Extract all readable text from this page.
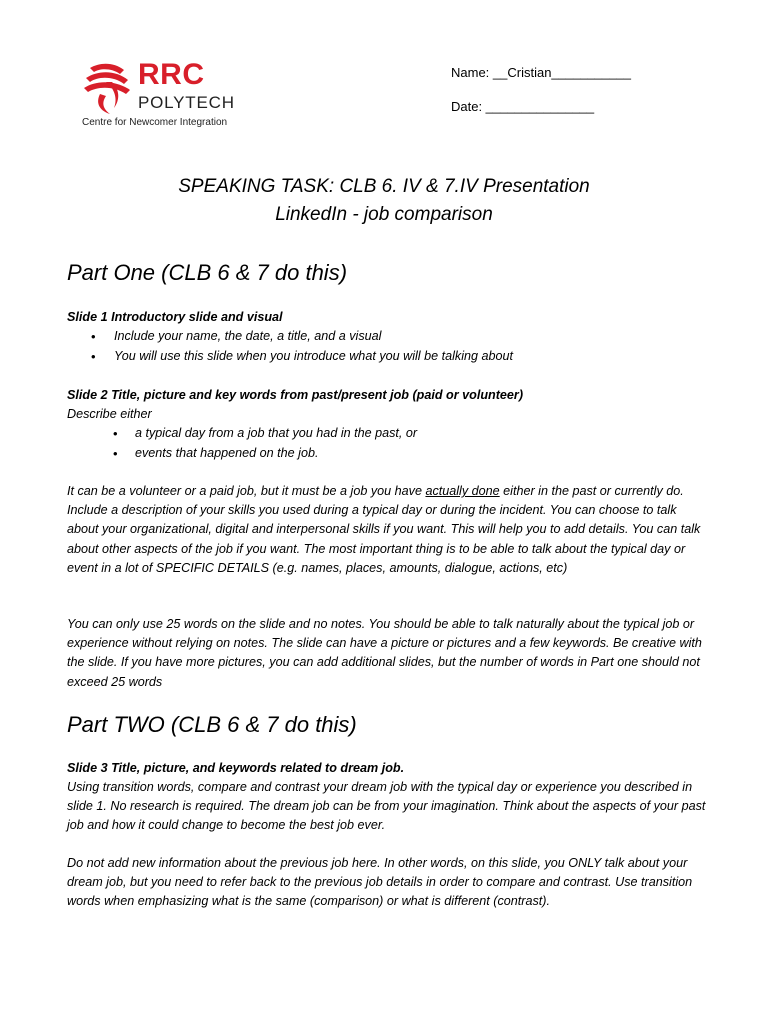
RRC
POLYTECH
Centre for Newcomer Integration
Name: __Cristian___________
Date: _______________
SPEAKING TASK: CLB 6. IV & 7.IV Presentation
LinkedIn - job comparison
Part One (CLB 6 & 7 do this)
Slide 1 Introductory slide and visual
• Include your name, the date, a title, and a visual
• You will use this slide when you introduce what you will be talking about
Slide 2 Title, picture and key words from past/present job (paid or volunteer)
Describe either
• a typical day from a job that you had in the past, or
• events that happened on the job.
It can be a volunteer or a paid job, but it must be a job you have actually done either in the past or currently do. Include a description of your skills you used during a typical day or during the incident. You can choose to talk about your organizational, digital and interpersonal skills if you want. This will help you to add details. You can talk about other aspects of the job if you want. The most important thing is to be able to talk about the typical day or event in a lot of SPECIFIC DETAILS (e.g. names, places, amounts, dialogue, actions, etc)
You can only use 25 words on the slide and no notes. You should be able to talk naturally about the typical job or experience without relying on notes. The slide can have a picture or pictures and a few keywords. Be creative with the slide. If you have more pictures, you can add additional slides, but the number of words in Part one should not exceed 25 words
Part TWO (CLB 6 & 7 do this)
Slide 3 Title, picture, and keywords related to dream job.
Using transition words, compare and contrast your dream job with the typical day or experience you described in slide 1. No research is required. The dream job can be from your imagination. Think about the aspects of your past job and how it could change to become the best job ever.
Do not add new information about the previous job here. In other words, on this slide, you ONLY talk about your dream job, but you need to refer back to the previous job details in order to compare and contrast. Use transition words when emphasizing what is the same (comparison) or what is different (contrast).
